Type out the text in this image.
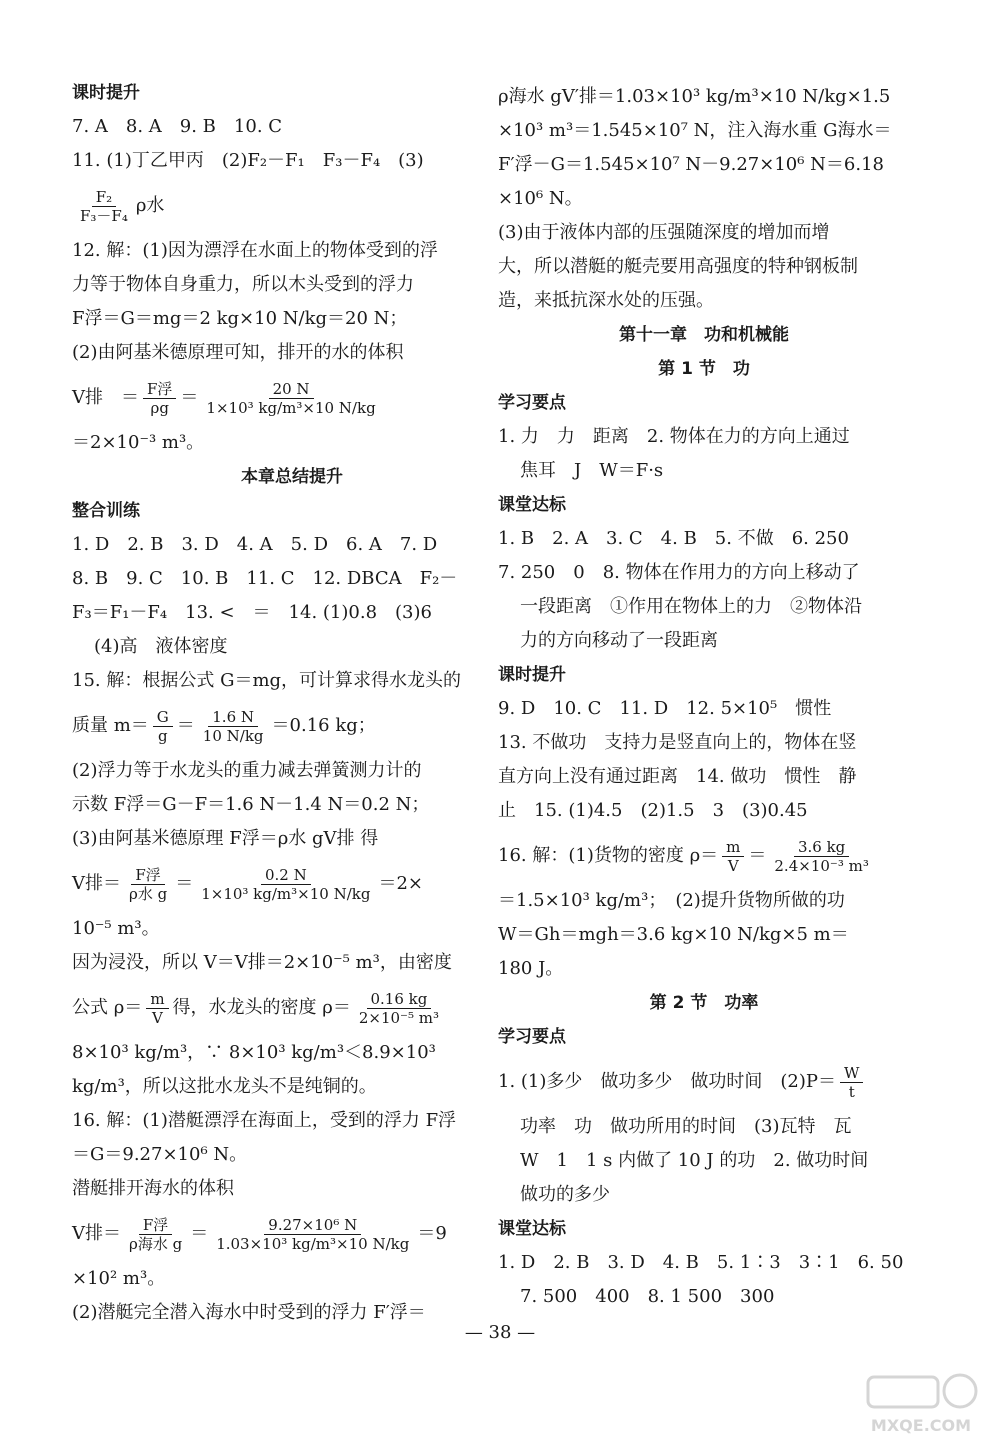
课时提升
7. A　8. A　9. B　10. C
11. (1)丁乙甲丙　(2)F₂－F₁　F₃－F₄　(3)
$\frac{\text{F₂}}{\text{F₃－F₄}}$ ρ水
12. 解：(1)因为漂浮在水面上的物体受到的浮
力等于物体自身重力，所以木头受到的浮力
F浮＝G＝mg＝2 kg×10 N/kg＝20 N；
(2)由阿基米德原理可知，排开的水的体积
V排　＝ $\frac{\text{F浮}}{\rho g} = \frac{20 N}{\text{1×10³ kg/m³×10 N/kg}}$
＝2×10⁻³ m³。
本章总结提升
整合训练
1. D　2. B　3. D　4. A　5. D　6. A　7. D
8. B　9. C　10. B　11. C　12. DBCA　F₂－
F₃＝F₁－F₄　13. <　＝　14. (1)0.8　(3)6
(4)高　液体密度
15. 解：根据公式 G＝mg，可计算求得水龙头的
质量 $m= \frac{G}{g} = \frac{1.6 N}{10 N/kg} =0.16$ kg；
(2)浮力等于水龙头的重力减去弹簧测力计的
示数 F浮＝G－F＝1.6 N－1.4 N＝0.2 N；
(3)由阿基米德原理 F浮＝ρ水 gV排 得
V排＝ $\frac{\text{F浮}}{\text{ρ水 g}} = \frac{0.2 N}{\text{1×10³ kg/m³×10 N/kg}} =2\times$
10⁻⁵ m³。
因为浸没，所以 V＝V排＝2×10⁻⁵ m³，由密度
公式 $\rho= \frac{m}{V}$ 得，水龙头的密度 $\rho= \frac{0.16 kg}{\text{2×10⁻⁵ m³}}$
8×10³ kg/m³，∵ 8×10³ kg/m³＜8.9×10³
kg/m³，所以这批水龙头不是纯铜的。
16. 解：(1)潜艇漂浮在海面上，受到的浮力 F浮
＝G＝9.27×10⁶ N。
潜艇排开海水的体积
V排＝ $\frac{\text{F浮}}{\text{ρ海水 g}} = \frac{\text{9.27×10⁶ N}}{\text{1.03×10³ kg/m³×10 N/kg}} =9$
×10² m³。
(2)潜艇完全潜入海水中时受到的浮力 F′浮＝
ρ海水 gV′排＝1.03×10³ kg/m³×10 N/kg×1.5
×10³ m³＝1.545×10⁷ N，注入海水重 G海水＝
F′浮－G＝1.545×10⁷ N－9.27×10⁶ N＝6.18
×10⁶ N。
(3)由于液体内部的压强随深度的增加而增
大，所以潜艇的艇壳要用高强度的特种钢板制
造，来抵抗深水处的压强。
第十一章　功和机械能
第 1 节　功
学习要点
1. 力　力　距离　2. 物体在力的方向上通过
焦耳　J　W＝F·s
课堂达标
1. B　2. A　3. C　4. B　5. 不做　6. 250
7. 250　0　8. 物体在作用力的方向上移动了
一段距离　①作用在物体上的力　②物体沿
力的方向移动了一段距离
课时提升
9. D　10. C　11. D　12. 5×10⁵　惯性
13. 不做功　支持力是竖直向上的，物体在竖
直方向上没有通过距离　14. 做功　惯性　静
止　15. (1)4.5　(2)1.5　3　(3)0.45
16. 解：(1)货物的密度 $\rho= \frac{m}{V} = \frac{3.6 kg}{\text{2.4×10⁻³ m³}}$
＝1.5×10³ kg/m³；　(2)提升货物所做的功
W＝Gh＝mgh＝3.6 kg×10 N/kg×5 m＝
180 J。
第 2 节　功率
学习要点
1. (1)多少　做功多少　做功时间　$(2)P= \frac{W}{t}$
功率　功　做功所用的时间　(3)瓦特　瓦
W　1　1 s 内做了 10 J 的功　2. 做功时间
做功的多少
课堂达标
1. D　2. B　3. D　4. B　5. 1∶3　3∶1　6. 50
7. 500　400　8. 1 500　300
— 38 —
MXQE.COM
